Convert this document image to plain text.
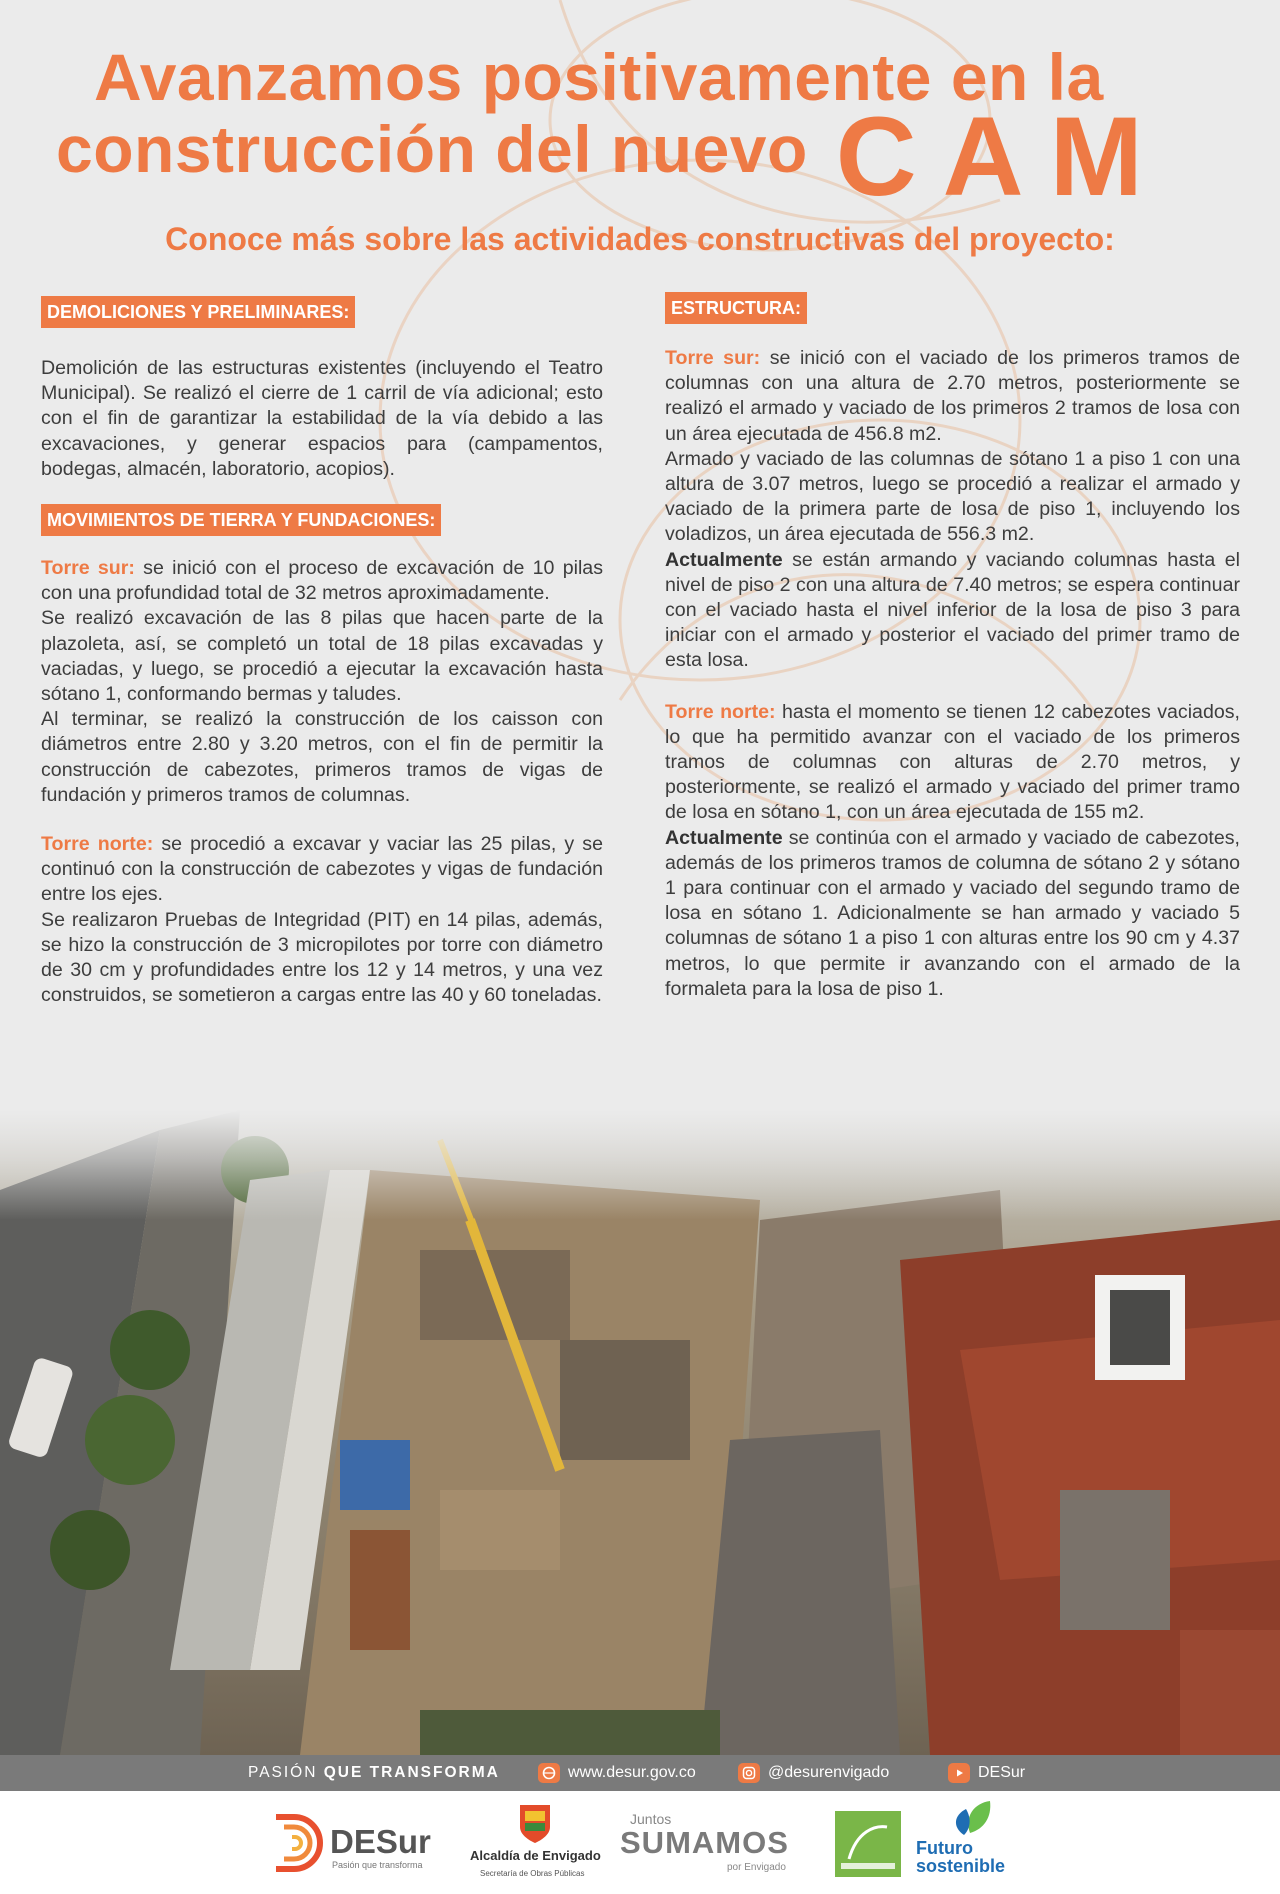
Avanzamos positivamente en la
construcción del nuevo CAM
Conoce más sobre las actividades constructivas del proyecto:
DEMOLICIONES Y PRELIMINARES:

Demolición de las estructuras existentes (incluyendo el Teatro Municipal). Se realizó el cierre de 1 carril de vía adicional; esto con el fin de garantizar la estabilidad de la vía debido a las excavaciones, y generar espacios para (campamentos, bodegas, almacén, laboratorio, acopios).

MOVIMIENTOS DE TIERRA Y FUNDACIONES:

Torre sur: se inició con el proceso de excavación de 10 pilas con una profundidad total de 32 metros aproximadamente.

Se realizó excavación de las 8 pilas que hacen parte de la plazoleta, así, se completó un total de 18 pilas excavadas y vaciadas, y luego, se procedió a ejecutar la excavación hasta sótano 1, conformando bermas y taludes.

Al terminar, se realizó la construcción de los caisson con diámetros entre 2.80 y 3.20 metros, con el fin de permitir la construcción de cabezotes, primeros tramos de vigas de fundación y primeros tramos de columnas.

Torre norte: se procedió a excavar y vaciar las 25 pilas, y se continuó con la construcción de cabezotes y vigas de fundación entre los ejes.

Se realizaron Pruebas de Integridad (PIT) en 14 pilas, además, se hizo la construcción de 3 micropilotes por torre con diámetro de 30 cm y profundidades entre los 12 y 14 metros, y una vez construidos, se sometieron a cargas entre las 40 y 60 toneladas.

ESTRUCTURA:

Torre sur: se inició con el vaciado de los primeros tramos de columnas con una altura de 2.70 metros, posteriormente se realizó el armado y vaciado de los primeros 2 tramos de losa con un área ejecutada de 456.8 m2.

Armado y vaciado de las columnas de sótano 1 a piso 1 con una altura de 3.07 metros, luego se procedió a realizar el armado y vaciado de la primera parte de losa de piso 1, incluyendo los voladizos, un área ejecutada de 556.3 m2.

Actualmente se están armando y vaciando columnas hasta el nivel de piso 2 con una altura de 7.40 metros; se espera continuar con el vaciado hasta el nivel inferior de la losa de piso 3 para iniciar con el armado y posterior el vaciado del primer tramo de esta losa.

Torre norte: hasta el momento se tienen 12 cabezotes vaciados, lo que ha permitido avanzar con el vaciado de los primeros tramos de columnas con alturas de 2.70 metros, y posteriormente, se realizó el armado y vaciado del primer tramo de losa en sótano 1, con un área ejecutada de 155 m2.

Actualmente se continúa con el armado y vaciado de cabezotes, además de los primeros tramos de columna de sótano 2 y sótano 1 para continuar con el armado y vaciado del segundo tramo de losa en sótano 1. Adicionalmente se han armado y vaciado 5 columnas de sótano 1 a piso 1 con alturas entre los 90 cm y 4.37 metros, lo que permite ir avanzando con el armado de la formaleta para la losa de piso 1.

PASIÓN QUE TRANSFORMA	www.desur.gov.co	@desurenvigado	DESur
DESur
Pasión que transforma
Alcaldía de Envigado
Secretaría de Obras Públicas
Juntos
SUMAMOS
por Envigado
Futuro
sostenible
